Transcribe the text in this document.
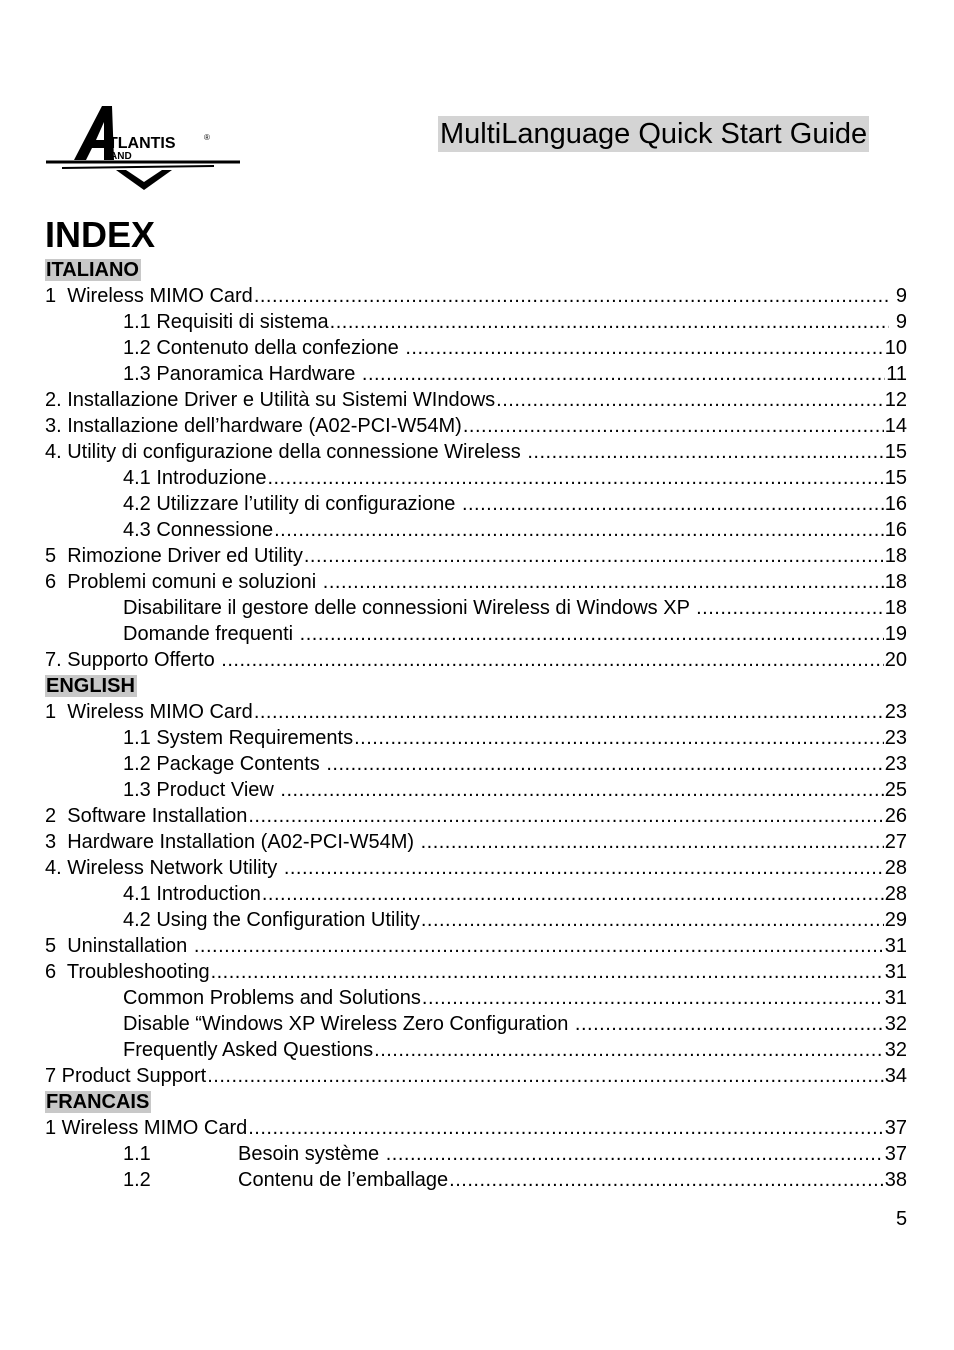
TLANTIS
AND
®	MultiLanguage Quick Start Guide
INDEX
ITALIANO
1  Wireless MIMO Card .....	9
1.1 Requisiti di sistema .....	9
1.2 Contenuto della confezione .....	10
1.3 Panoramica Hardware .....	11
2. Installazione Driver e Utilità su Sistemi WIndows .....	12
3. Installazione dell’hardware (A02-PCI-W54M) .....	14
4. Utility di configurazione della connessione Wireless .....	15
4.1 Introduzione .....	15
4.2 Utilizzare l’utility di configurazione .....	16
4.3 Connessione .....	16
5  Rimozione Driver ed Utility .....	18
6  Problemi comuni e soluzioni .....	18
Disabilitare il gestore delle connessioni Wireless di Windows XP .....	18
Domande frequenti .....	19
7. Supporto Offerto .....	20
ENGLISH
1  Wireless MIMO Card .....	23
1.1 System Requirements .....	23
1.2 Package Contents .....	23
1.3 Product View .....	25
2  Software Installation .....	26
3  Hardware Installation (A02-PCI-W54M) .....	27
4. Wireless Network Utility .....	28
4.1 Introduction .....	28
4.2 Using the Configuration Utility .....	29
5  Uninstallation .....	31
6  Troubleshooting .....	31
Common Problems and Solutions .....	31
Disable “Windows XP Wireless Zero Configuration .....	32
Frequently Asked Questions .....	32
7 Product Support .....	34
FRANCAIS
1 Wireless MIMO Card .....	37
1.1	Besoin système .....	37
1.2	Contenu de l’emballage .....	38
5
